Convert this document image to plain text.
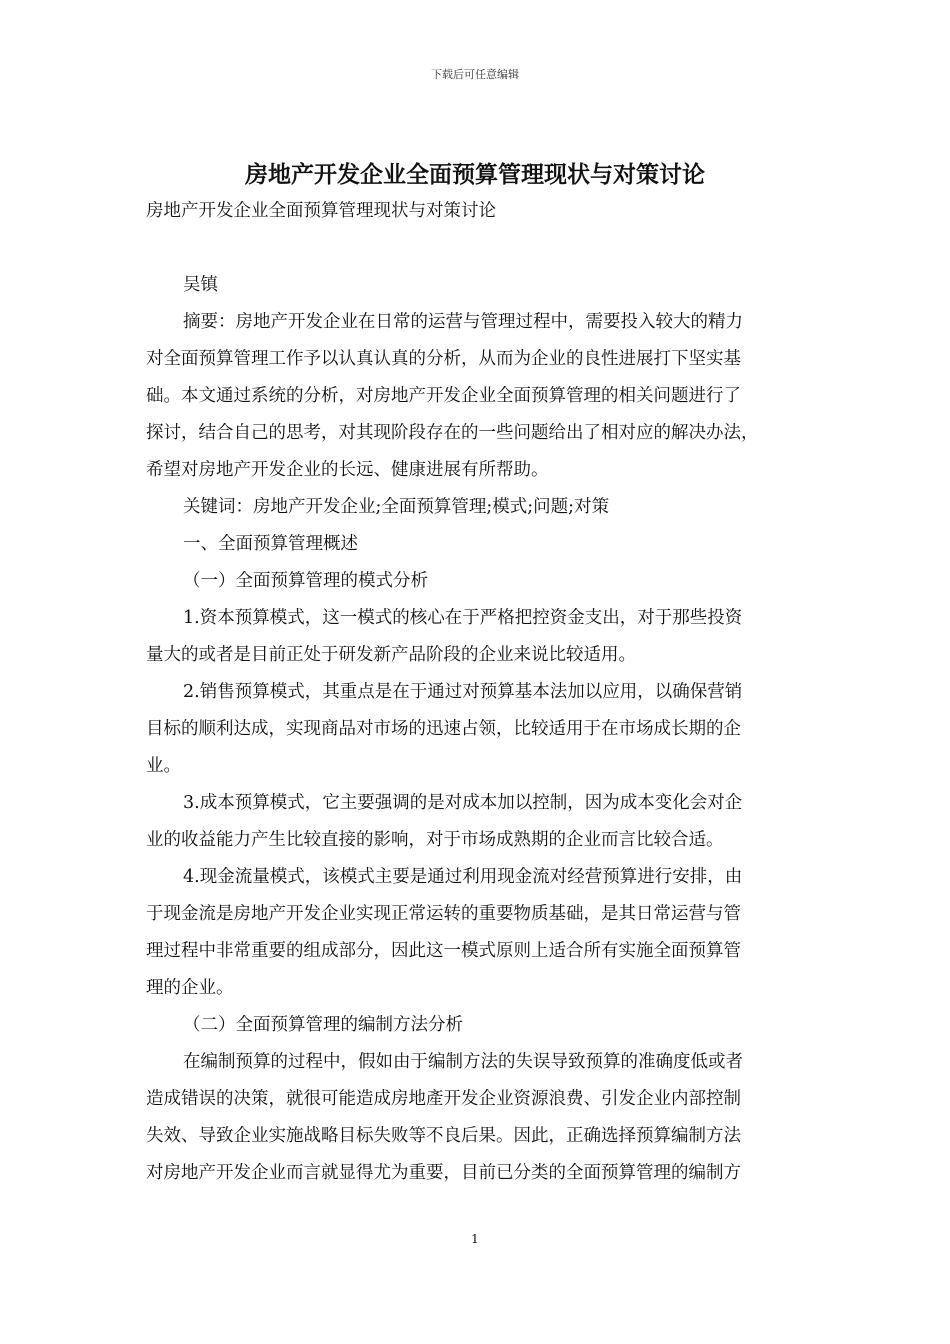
下载后可任意编辑
房地产开发企业全面预算管理现状与对策讨论

房地产开发企业全面预算管理现状与对策讨论

吴镇

摘要：房地产开发企业在日常的运营与管理过程中，需要投入较大的精力

对全面预算管理工作予以认真认真的分析，从而为企业的良性进展打下坚实基

础。本文通过系统的分析，对房地产开发企业全面预算管理的相关问题进行了

探讨，结合自己的思考，对其现阶段存在的一些问题给出了相对应的解决办法，

希望对房地产开发企业的长远、健康进展有所帮助。

关键词：房地产开发企业;全面预算管理;模式;问题;对策

一、全面预算管理概述

（一）全面预算管理的模式分析

1.资本预算模式，这一模式的核心在于严格把控资金支出，对于那些投资

量大的或者是目前正处于研发新产品阶段的企业来说比较适用。

2.销售预算模式，其重点是在于通过对预算基本法加以应用，以确保营销

目标的顺利达成，实现商品对市场的迅速占领，比较适用于在市场成长期的企

业。

3.成本预算模式，它主要强调的是对成本加以控制，因为成本变化会对企

业的收益能力产生比较直接的影响，对于市场成熟期的企业而言比较合适。

4.现金流量模式，该模式主要是通过利用现金流对经营预算进行安排，由

于现金流是房地产开发企业实现正常运转的重要物质基础，是其日常运营与管

理过程中非常重要的组成部分，因此这一模式原则上适合所有实施全面预算管

理的企业。

（二）全面预算管理的编制方法分析

在编制预算的过程中，假如由于编制方法的失误导致预算的准确度低或者

造成错误的决策，就很可能造成房地產开发企业资源浪费、引发企业内部控制

失效、导致企业实施战略目标失败等不良后果。因此，正确选择预算编制方法

对房地产开发企业而言就显得尤为重要，目前已分类的全面预算管理的编制方

1
